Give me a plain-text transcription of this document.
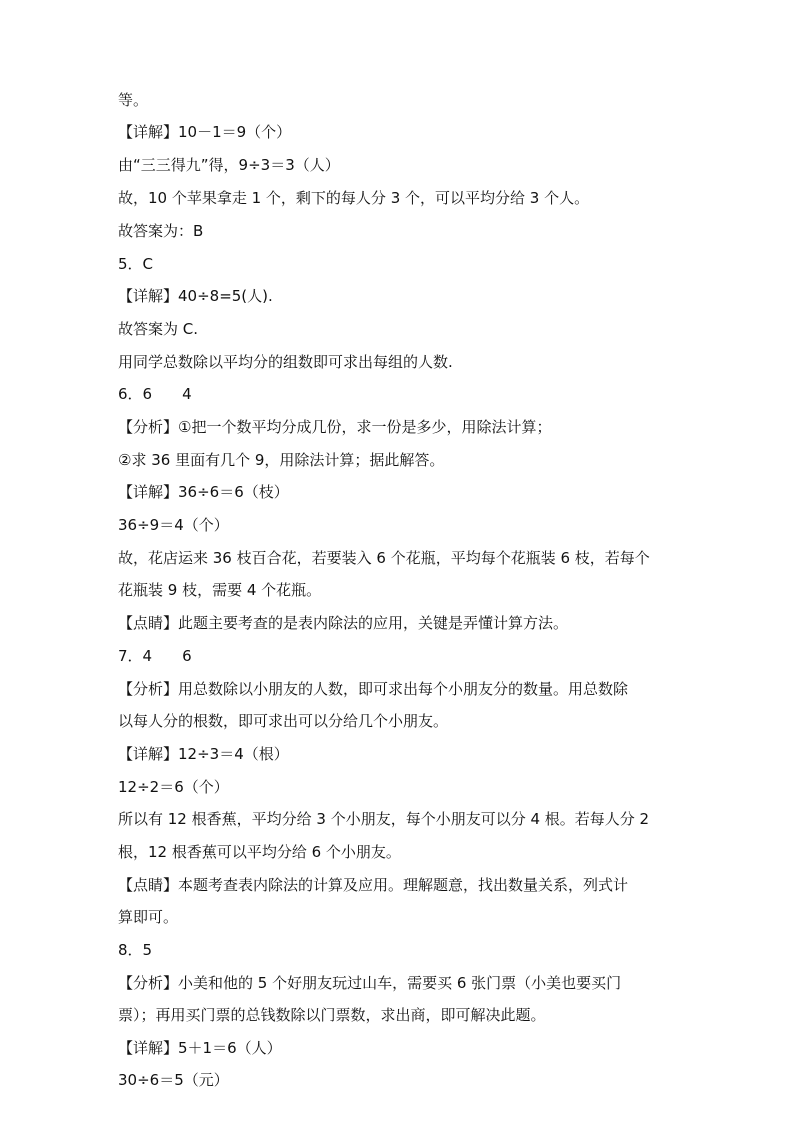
等。
【详解】10－1＝9（个）
由“三三得九”得，9÷3＝3（人）
故，10 个苹果拿走 1 个，剩下的每人分 3 个，可以平均分给 3 个人。
故答案为：B
5．C
【详解】40÷8=5(人).
故答案为 C.
用同学总数除以平均分的组数即可求出每组的人数.
6．6　　4
【分析】①把一个数平均分成几份，求一份是多少，用除法计算；
②求 36 里面有几个 9，用除法计算；据此解答。
【详解】36÷6＝6（枝）
36÷9＝4（个）
故，花店运来 36 枝百合花，若要装入 6 个花瓶，平均每个花瓶装 6 枝，若每个
花瓶装 9 枝，需要 4 个花瓶。
【点睛】此题主要考查的是表内除法的应用，关键是弄懂计算方法。
7．4　　6
【分析】用总数除以小朋友的人数，即可求出每个小朋友分的数量。用总数除
以每人分的根数，即可求出可以分给几个小朋友。
【详解】12÷3＝4（根）
12÷2＝6（个）
所以有 12 根香蕉，平均分给 3 个小朋友，每个小朋友可以分 4 根。若每人分 2
根，12 根香蕉可以平均分给 6 个小朋友。
【点睛】本题考查表内除法的计算及应用。理解题意，找出数量关系，列式计
算即可。
8．5
【分析】小美和他的 5 个好朋友玩过山车，需要买 6 张门票（小美也要买门
票）；再用买门票的总钱数除以门票数，求出商，即可解决此题。
【详解】5＋1＝6（人）
30÷6＝5（元）
